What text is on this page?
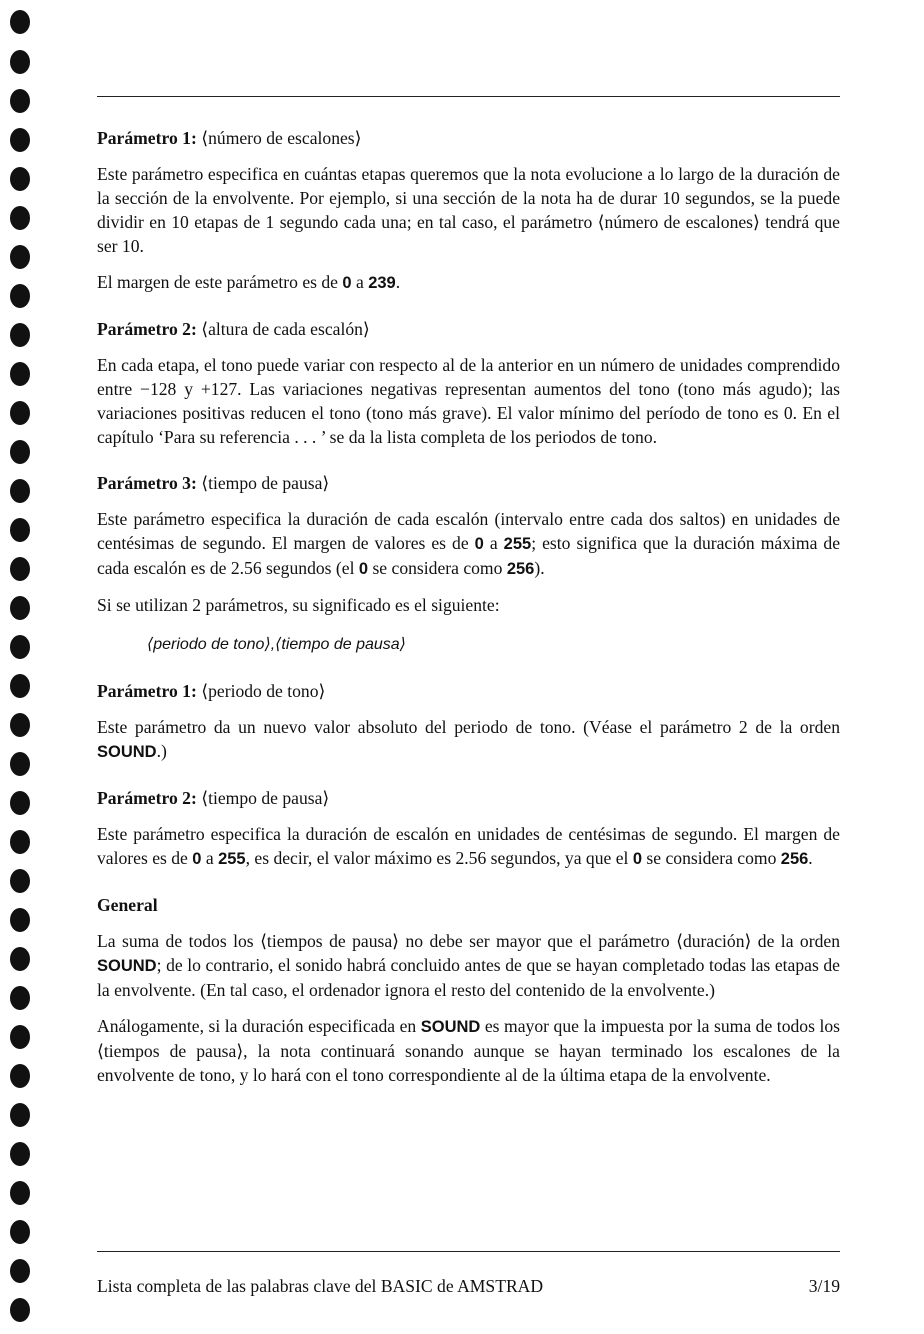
Parámetro 1: ⟨número de escalones⟩

Este parámetro especifica en cuántas etapas queremos que la nota evolucione a lo largo de la duración de la sección de la envolvente. Por ejemplo, si una sección de la nota ha de durar 10 segundos, se la puede dividir en 10 etapas de 1 segundo cada una; en tal caso, el parámetro ⟨número de escalones⟩ tendrá que ser 10.

El margen de este parámetro es de 0 a 239.

Parámetro 2: ⟨altura de cada escalón⟩

En cada etapa, el tono puede variar con respecto al de la anterior en un número de unidades comprendido entre −128 y +127. Las variaciones negativas representan aumentos del tono (tono más agudo); las variaciones positivas reducen el tono (tono más grave). El valor mínimo del período de tono es 0. En el capítulo ‘Para su referencia . . . ’ se da la lista completa de los periodos de tono.

Parámetro 3: ⟨tiempo de pausa⟩

Este parámetro especifica la duración de cada escalón (intervalo entre cada dos saltos) en unidades de centésimas de segundo. El margen de valores es de 0 a 255; esto significa que la duración máxima de cada escalón es de 2.56 segundos (el 0 se considera como 256).

Si se utilizan 2 parámetros, su significado es el siguiente:

⟨periodo de tono⟩,⟨tiempo de pausa⟩

Parámetro 1: ⟨periodo de tono⟩

Este parámetro da un nuevo valor absoluto del periodo de tono. (Véase el parámetro 2 de la orden SOUND.)

Parámetro 2: ⟨tiempo de pausa⟩

Este parámetro especifica la duración de escalón en unidades de centésimas de segundo. El margen de valores es de 0 a 255, es decir, el valor máximo es 2.56 segundos, ya que el 0 se considera como 256.

General

La suma de todos los ⟨tiempos de pausa⟩ no debe ser mayor que el parámetro ⟨duración⟩ de la orden SOUND; de lo contrario, el sonido habrá concluido antes de que se hayan completado todas las etapas de la envolvente. (En tal caso, el ordenador ignora el resto del contenido de la envolvente.)

Análogamente, si la duración especificada en SOUND es mayor que la impuesta por la suma de todos los ⟨tiempos de pausa⟩, la nota continuará sonando aunque se hayan terminado los escalones de la envolvente de tono, y lo hará con el tono correspondiente al de la última etapa de la envolvente.

Lista completa de las palabras clave del BASIC de AMSTRAD	3/19
